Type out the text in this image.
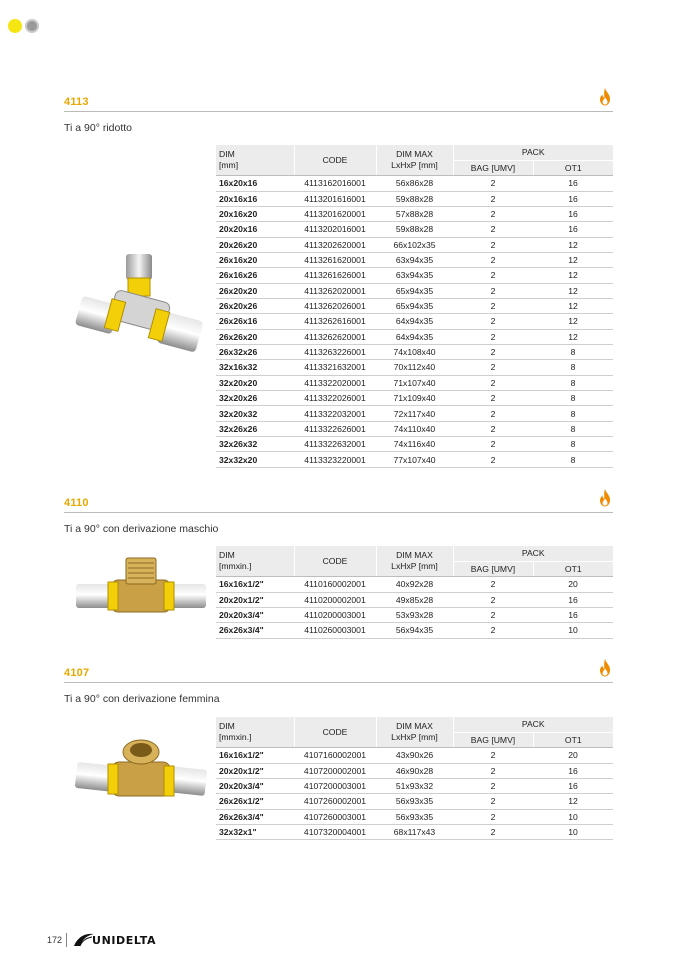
4113
Ti a 90° ridotto
DIM
[mm]	CODE	DIM MAX
LxHxP [mm]	PACK	
			BAG [UMV]	OT1
16x20x16	4113162016001	56x86x28	2	16
20x16x16	4113201616001	59x88x28	2	16
20x16x20	4113201620001	57x88x28	2	16
20x20x16	4113202016001	59x88x28	2	16
20x26x20	4113202620001	66x102x35	2	12
26x16x20	4113261620001	63x94x35	2	12
26x16x26	4113261626001	63x94x35	2	12
26x20x20	4113262020001	65x94x35	2	12
26x20x26	4113262026001	65x94x35	2	12
26x26x16	4113262616001	64x94x35	2	12
26x26x20	4113262620001	64x94x35	2	12
26x32x26	4113263226001	74x108x40	2	8
32x16x32	4113321632001	70x112x40	2	8
32x20x20	4113322020001	71x107x40	2	8
32x20x26	4113322026001	71x109x40	2	8
32x20x32	4113322032001	72x117x40	2	8
32x26x26	4113322626001	74x110x40	2	8
32x26x32	4113322632001	74x116x40	2	8
32x32x20	4113323220001	77x107x40	2	8
4110
Ti a 90° con derivazione maschio
DIM
[mmxin.]	CODE	DIM MAX
LxHxP [mm]	PACK	
			BAG [UMV]	OT1
16x16x1/2"	4110160002001	40x92x28	2	20
20x20x1/2"	4110200002001	49x85x28	2	16
20x20x3/4"	4110200003001	53x93x28	2	16
26x26x3/4"	4110260003001	56x94x35	2	10
4107
Ti a 90° con derivazione femmina
DIM
[mmxin.]	CODE	DIM MAX
LxHxP [mm]	PACK	
			BAG [UMV]	OT1
16x16x1/2"	4107160002001	43x90x26	2	20
20x20x1/2"	4107200002001	46x90x28	2	16
20x20x3/4"	4107200003001	51x93x32	2	16
26x26x1/2"	4107260002001	56x93x35	2	12
26x26x3/4"	4107260003001	56x93x35	2	10
32x32x1"	4107320004001	68x117x43	2	10
172	UNIDELTA
